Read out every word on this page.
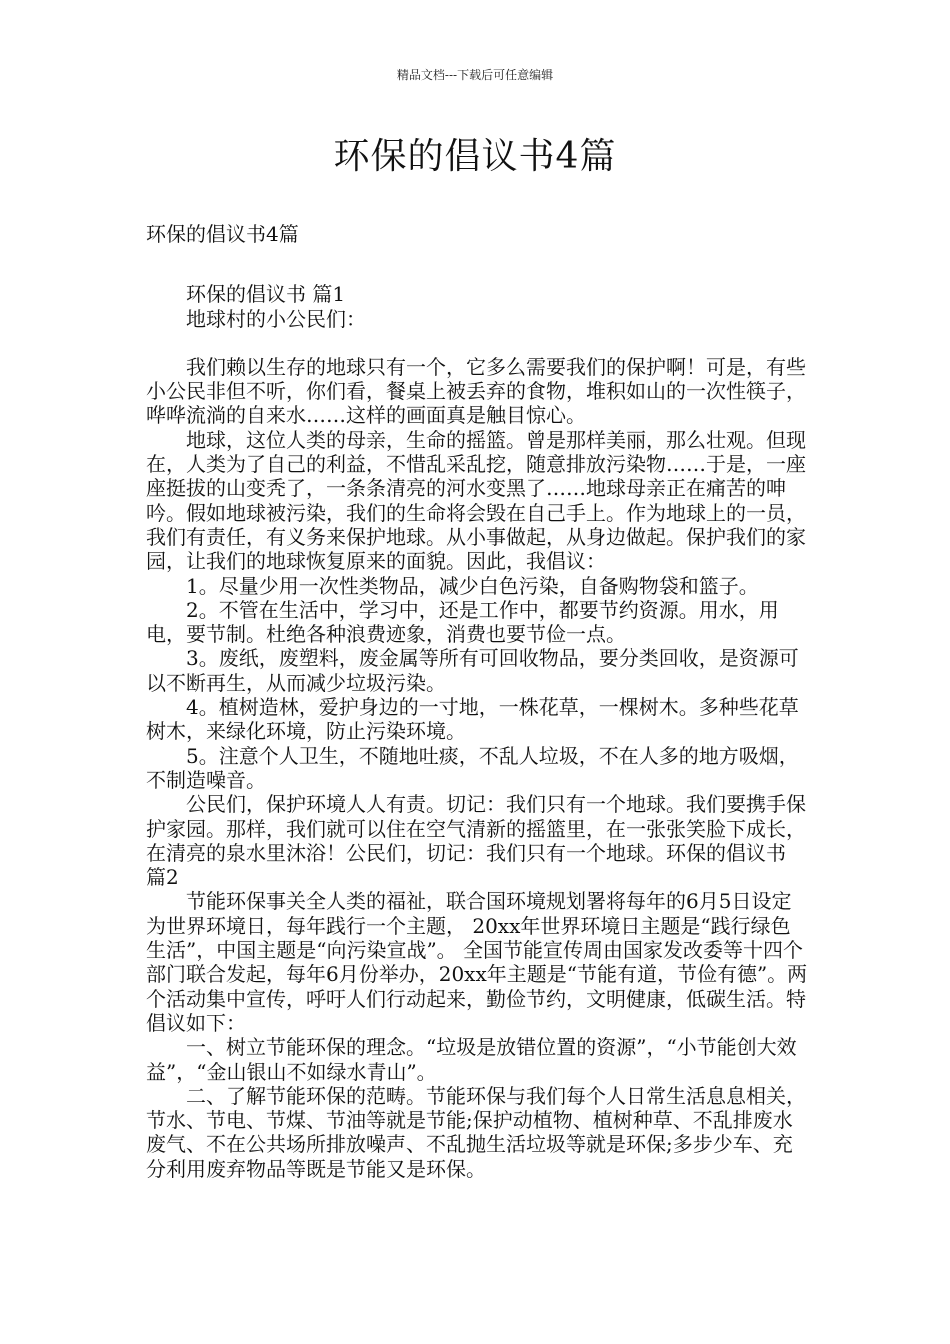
精品文档---下载后可任意编辑
环保的倡议书4篇

环保的倡议书4篇

环保的倡议书 篇1

地球村的小公民们：

我们赖以生存的地球只有一个，它多么需要我们的保护啊！可是，有些小公民非但不听，你们看，餐桌上被丢弃的食物，堆积如山的一次性筷子，哗哗流淌的自来水……这样的画面真是触目惊心。

地球，这位人类的母亲，生命的摇篮。曾是那样美丽，那么壮观。但现在，人类为了自己的利益，不惜乱采乱挖，随意排放污染物……于是，一座座挺拔的山变秃了，一条条清亮的河水变黑了……地球母亲正在痛苦的呻吟。假如地球被污染，我们的生命将会毁在自己手上。作为地球上的一员，我们有责任，有义务来保护地球。从小事做起，从身边做起。保护我们的家园，让我们的地球恢复原来的面貌。因此，我倡议：

1。尽量少用一次性类物品，减少白色污染，自备购物袋和篮子。

2。不管在生活中，学习中，还是工作中，都要节约资源。用水，用电，要节制。杜绝各种浪费迹象，消费也要节俭一点。

3。废纸，废塑料，废金属等所有可回收物品，要分类回收，是资源可以不断再生，从而减少垃圾污染。

4。植树造林，爱护身边的一寸地，一株花草，一棵树木。多种些花草树木，来绿化环境，防止污染环境。

5。注意个人卫生，不随地吐痰，不乱人垃圾，不在人多的地方吸烟，不制造噪音。

公民们，保护环境人人有责。切记：我们只有一个地球。我们要携手保护家园。那样，我们就可以住在空气清新的摇篮里，在一张张笑脸下成长，在清亮的泉水里沐浴！公民们，切记：我们只有一个地球。环保的倡议书 篇2

节能环保事关全人类的福祉，联合国环境规划署将每年的6月5日设定为世界环境日，每年践行一个主题， 20xx年世界环境日主题是“践行绿色生活”，中国主题是“向污染宣战”。 全国节能宣传周由国家发改委等十四个部门联合发起，每年6月份举办，20xx年主题是“节能有道，节俭有德”。两个活动集中宣传，呼吁人们行动起来，勤俭节约，文明健康，低碳生活。特倡议如下：

一、树立节能环保的理念。“垃圾是放错位置的资源”，“小节能创大效益”，“金山银山不如绿水青山”。

二、了解节能环保的范畴。节能环保与我们每个人日常生活息息相关，节水、节电、节煤、节油等就是节能;保护动植物、植树种草、不乱排废水废气、不在公共场所排放噪声、不乱抛生活垃圾等就是环保;多步少车、充分利用废弃物品等既是节能又是环保。
